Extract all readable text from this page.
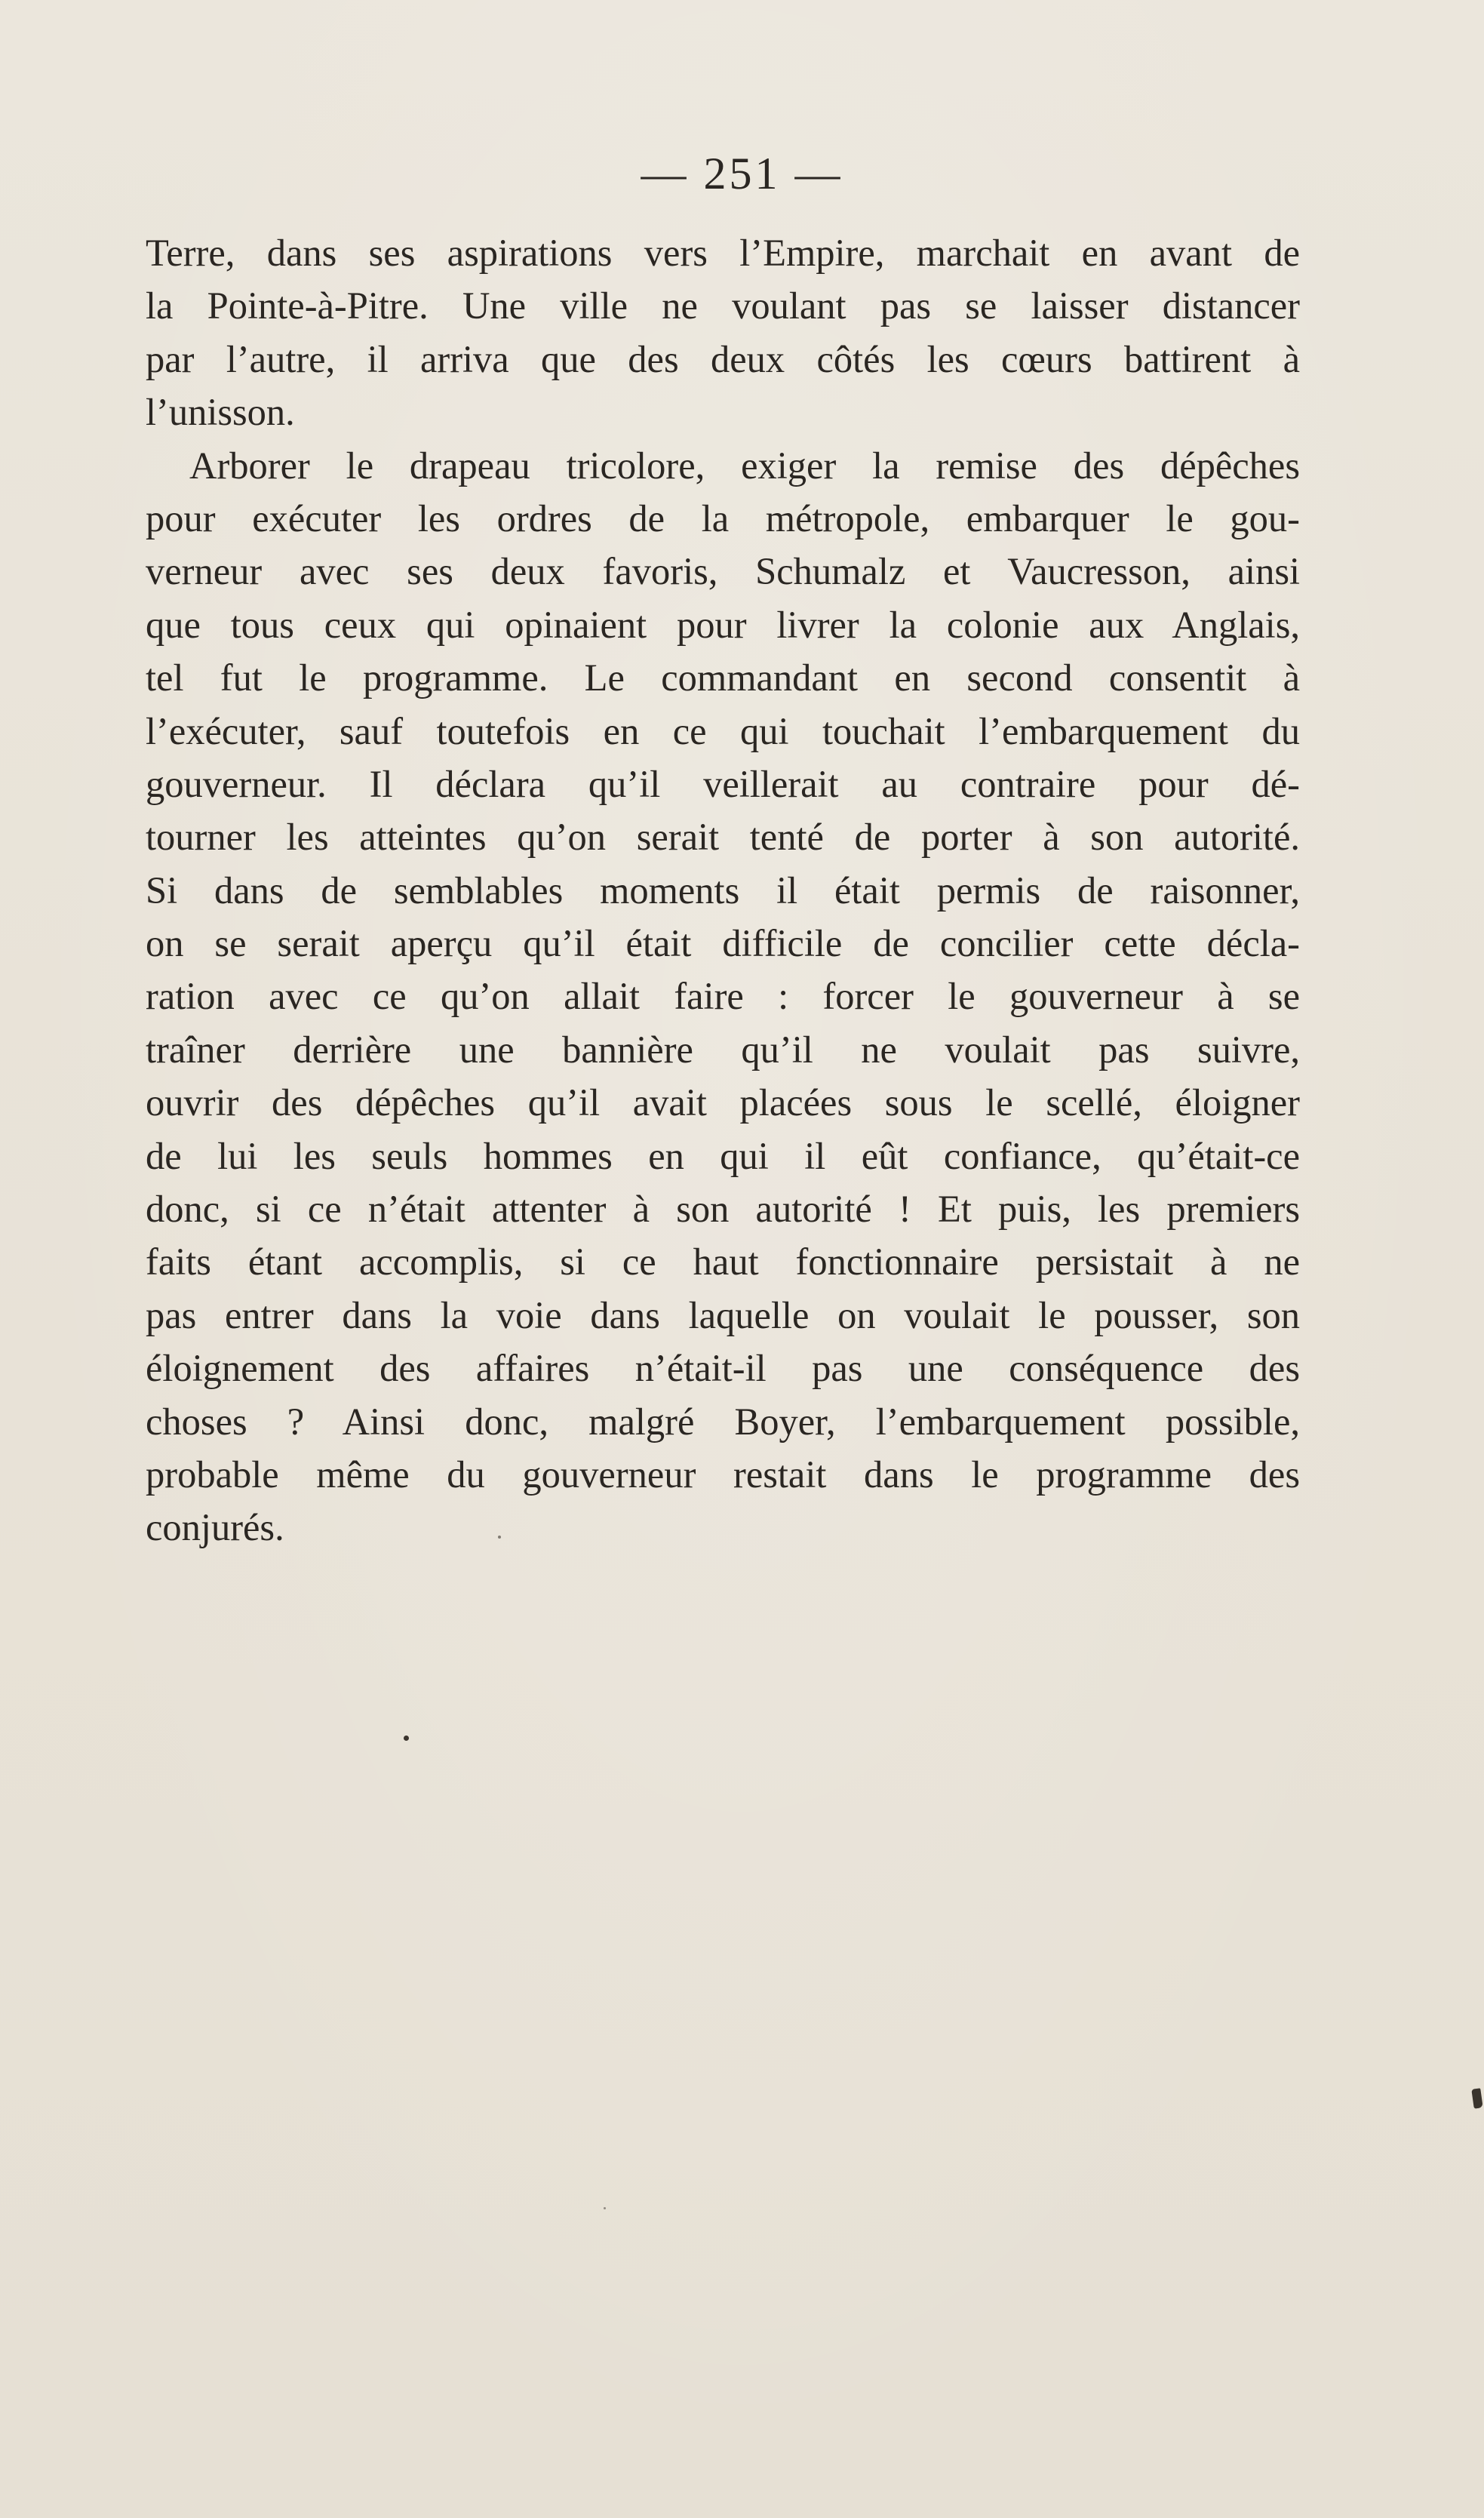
— 251 —
Terre, dans ses aspirations vers l’Empire, marchait en avant de
la Pointe-à-Pitre. Une ville ne voulant pas se laisser distancer
par l’autre, il arriva que des deux côtés les cœurs battirent à
l’unisson.
Arborer le drapeau tricolore, exiger la remise des dépêches
pour exécuter les ordres de la métropole, embarquer le gou-
verneur avec ses deux favoris, Schumalz et Vaucresson, ainsi
que tous ceux qui opinaient pour livrer la colonie aux Anglais,
tel fut le programme. Le commandant en second consentit à
l’exécuter, sauf toutefois en ce qui touchait l’embarquement du
gouverneur. Il déclara qu’il veillerait au contraire pour dé-
tourner les atteintes qu’on serait tenté de porter à son autorité.
Si dans de semblables moments il était permis de raisonner,
on se serait aperçu qu’il était difficile de concilier cette décla-
ration avec ce qu’on allait faire : forcer le gouverneur à se
traîner derrière une bannière qu’il ne voulait pas suivre,
ouvrir des dépêches qu’il avait placées sous le scellé, éloigner
de lui les seuls hommes en qui il eût confiance, qu’était-ce
donc, si ce n’était attenter à son autorité ! Et puis, les premiers
faits étant accomplis, si ce haut fonctionnaire persistait à ne
pas entrer dans la voie dans laquelle on voulait le pousser, son
éloignement des affaires n’était-il pas une conséquence des
choses ? Ainsi donc, malgré Boyer, l’embarquement possible,
probable même du gouverneur restait dans le programme des
conjurés.
